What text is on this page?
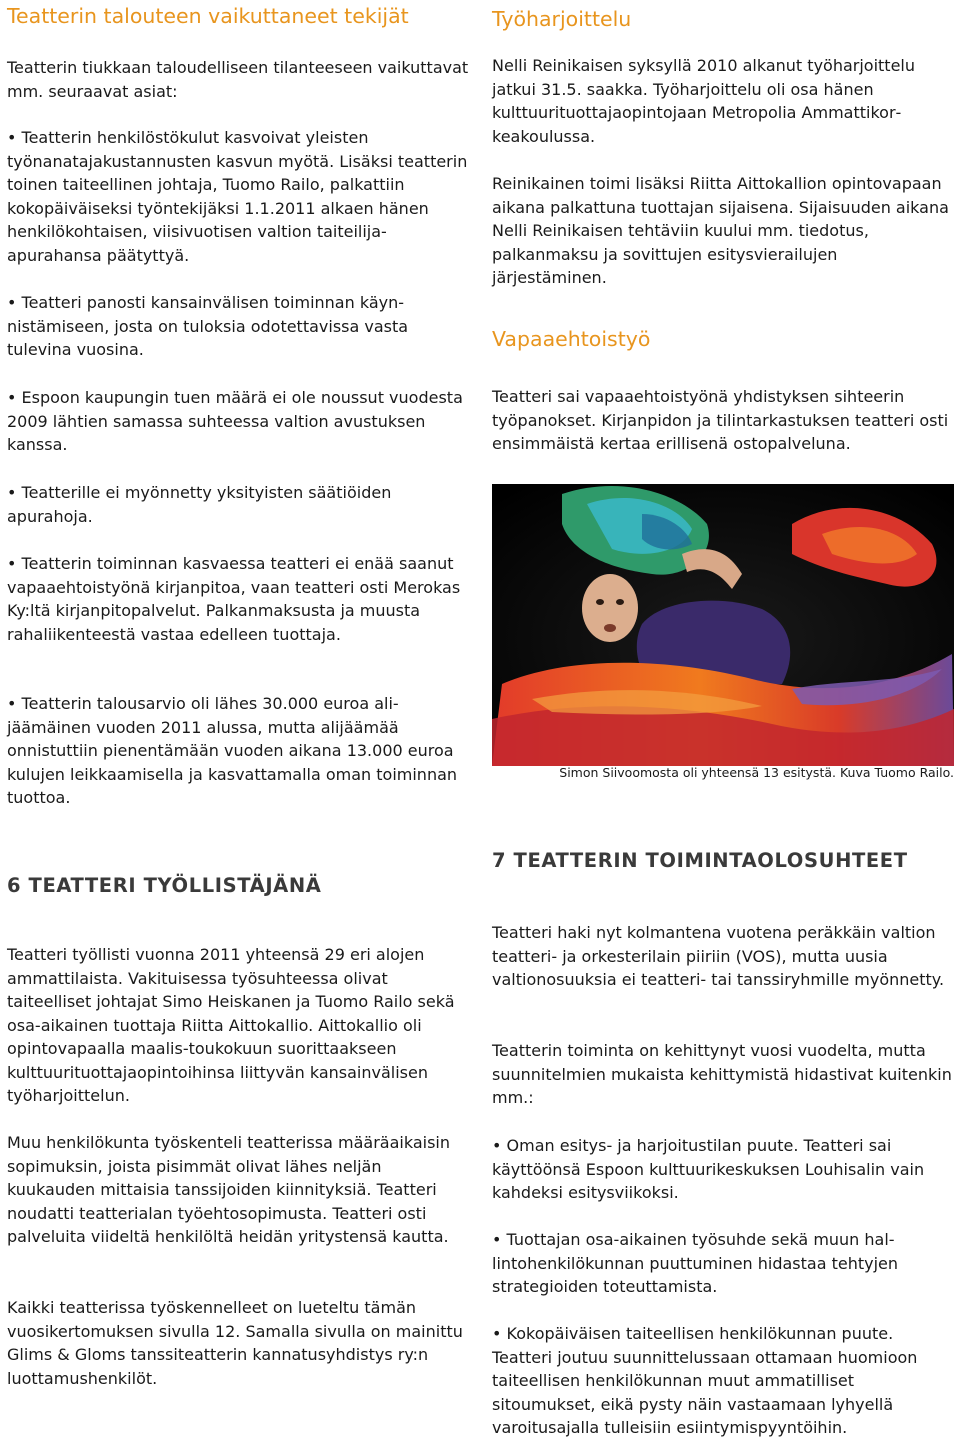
Teatterin talouteen vaikuttaneet tekijät

Teatterin tiukkaan taloudelliseen tilanteeseen vaikuttavat mm. seuraavat asiat:

• Teatterin henkilöstökulut kasvoivat yleisten työnanatajakustannusten kasvun myötä. Lisäksi teatterin toinen taiteellinen johtaja, Tuomo Railo, palkattiin kokopäiväiseksi työntekijäksi 1.1.2011 alkaen hänen henkilökohtaisen, viisivuotisen valtion taiteilija-apurahansa päätyttyä.

• Teatteri panosti kansainvälisen toiminnan käynnistämiseen, josta on tuloksia odotettavissa vasta tulevina vuosina.

• Espoon kaupungin tuen määrä ei ole noussut vuodesta 2009 lähtien samassa suhteessa valtion avustuksen kanssa.

• Teatterille ei myönnetty yksityisten säätiöiden apurahoja.

• Teatterin toiminnan kasvaessa teatteri ei enää saanut vapaaehtoistyönä kirjanpitoa, vaan teatteri osti Merokas Ky:ltä kirjanpitopalvelut. Palkanmaksusta ja muusta rahaliikenteestä vastaa edelleen tuottaja.

• Teatterin talousarvio oli lähes 30.000 euroa alijäämäinen vuoden 2011 alussa, mutta alijäämää onnistuttiin pienentämään vuoden aikana 13.000 euroa kulujen leikkaamisella ja kasvattamalla oman toiminnan tuottoa.

6 TEATTERI TYÖLLISTÄJÄNÄ

Teatteri työllisti vuonna 2011 yhteensä 29 eri alojen ammattilaista. Vakituisessa työsuhteessa olivat taiteelliset johtajat Simo Heiskanen ja Tuomo Railo sekä osa-aikainen tuottaja Riitta Aittokallio. Aittokallio oli opintovapaalla maalis-toukokuun suorittaakseen kulttuurituottajaopintoihinsa liittyvän kansainvälisen työharjoittelun.

Muu henkilökunta työskenteli teatterissa määräaikaisin sopimuksin, joista pisimmät olivat lähes neljän kuukauden mittaisia tanssijoiden kiinnityksiä. Teatteri noudatti teatterialan työehtosopimusta. Teatteri osti palveluita viideltä henkilöltä heidän yritystensä kautta.

Kaikki teatterissa työskennelleet on lueteltu tämän vuosikertomuksen sivulla 12. Samalla sivulla on mainittu Glims & Gloms tanssiteatterin kannatusyhdistys ry:n luottamushenkilöt.

Työharjoittelu

Nelli Reinikaisen syksyllä 2010 alkanut työharjoittelu jatkui 31.5. saakka. Työharjoittelu oli osa hänen kulttuurituottajaopintojaan Metropolia Ammattikorkeakoulussa.

Reinikainen toimi lisäksi Riitta Aittokallion opintovapaan aikana palkattuna tuottajan sijaisena. Sijaisuuden aikana Nelli Reinikaisen tehtäviin kuului mm. tiedotus, palkanmaksu ja sovittujen esitysvierailujen järjestäminen.

Vapaaehtoistyö

Teatteri sai vapaaehtoistyönä yhdistyksen sihteerin työpanokset. Kirjanpidon ja tilintarkastuksen teatteri osti ensimmäistä kertaa erillisenä ostopalveluna.

Simon Siivoomosta oli yhteensä 13 esitystä. Kuva Tuomo Railo.

7 TEATTERIN TOIMINTAOLOSUHTEET

Teatteri haki nyt kolmantena vuotena peräkkäin valtion teatteri- ja orkesterilain piiriin (VOS), mutta uusia valtionosuuksia ei teatteri- tai tanssiryhmille myönnetty.

Teatterin toiminta on kehittynyt vuosi vuodelta, mutta suunnitelmien mukaista kehittymistä hidastivat kuitenkin mm.:

• Oman esitys- ja harjoitustilan puute. Teatteri sai käyttöönsä Espoon kulttuurikeskuksen Louhisalin vain kahdeksi esitysviikoksi.

• Tuottajan osa-aikainen työsuhde sekä muun hallintohenkilökunnan puuttuminen hidastaa tehtyjen strategioiden toteuttamista.

• Kokopäiväisen taiteellisen henkilökunnan puute. Teatteri joutuu suunnittelussaan ottamaan huomioon taiteellisen henkilökunnan muut ammatilliset sitoumukset, eikä pysty näin vastaamaan lyhyellä varoitusajalla tulleisiin esiintymispyyntöihin.
